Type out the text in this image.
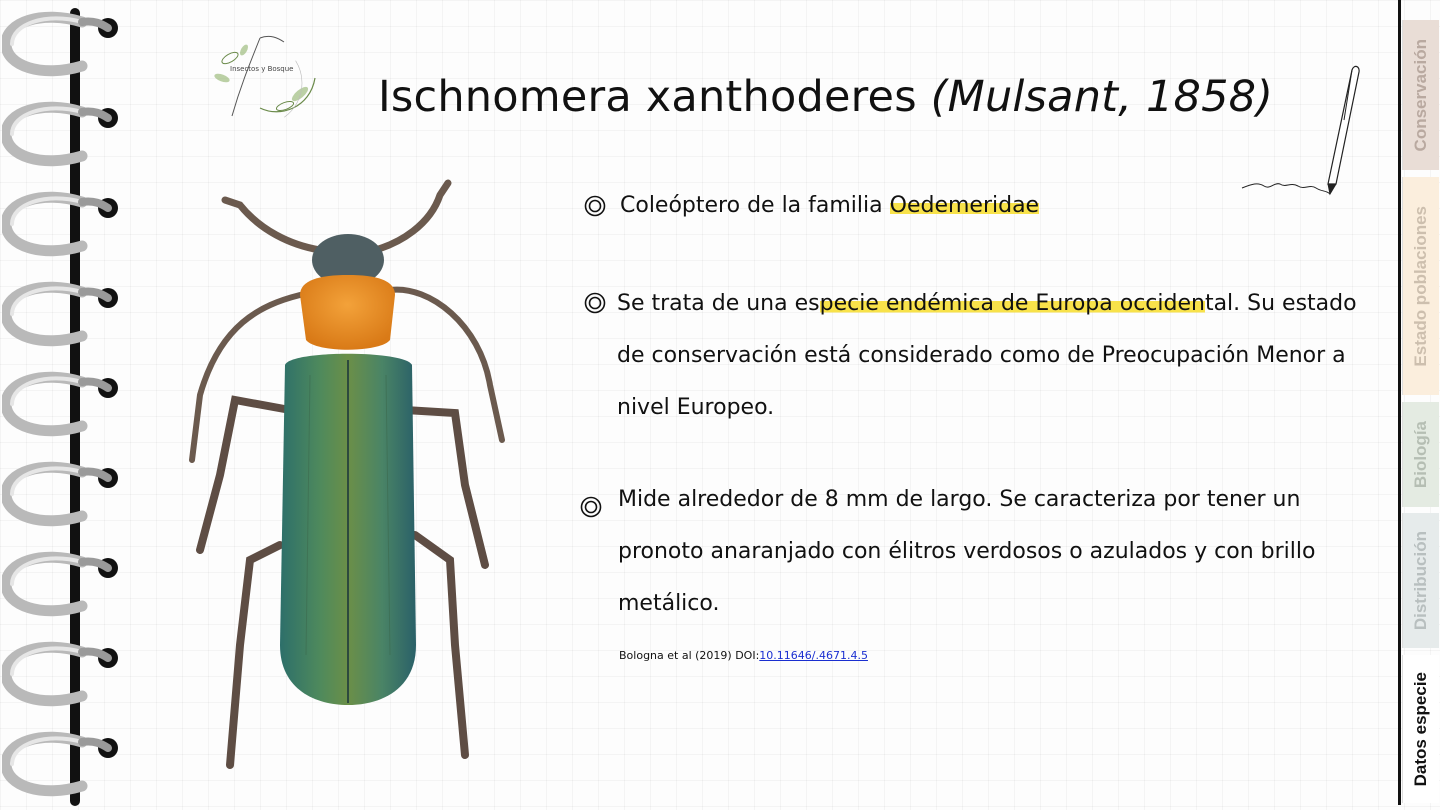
Insectos y Bosque
Ischnomera xanthoderes (Mulsant, 1858)
Coleóptero de la familia Oedemeridae
Se trata de una especie endémica de Europa occidental. Su estado de conservación está considerado como de Preocupación Menor a nivel Europeo.
Mide alrededor de 8 mm de largo. Se caracteriza por tener un pronoto anaranjado con élitros verdosos o azulados y con brillo metálico.
Bologna et al (2019) DOI:10.11646/.4671.4.5
Conservación
Estado poblaciones
Biología
Distribución
Datos especie
